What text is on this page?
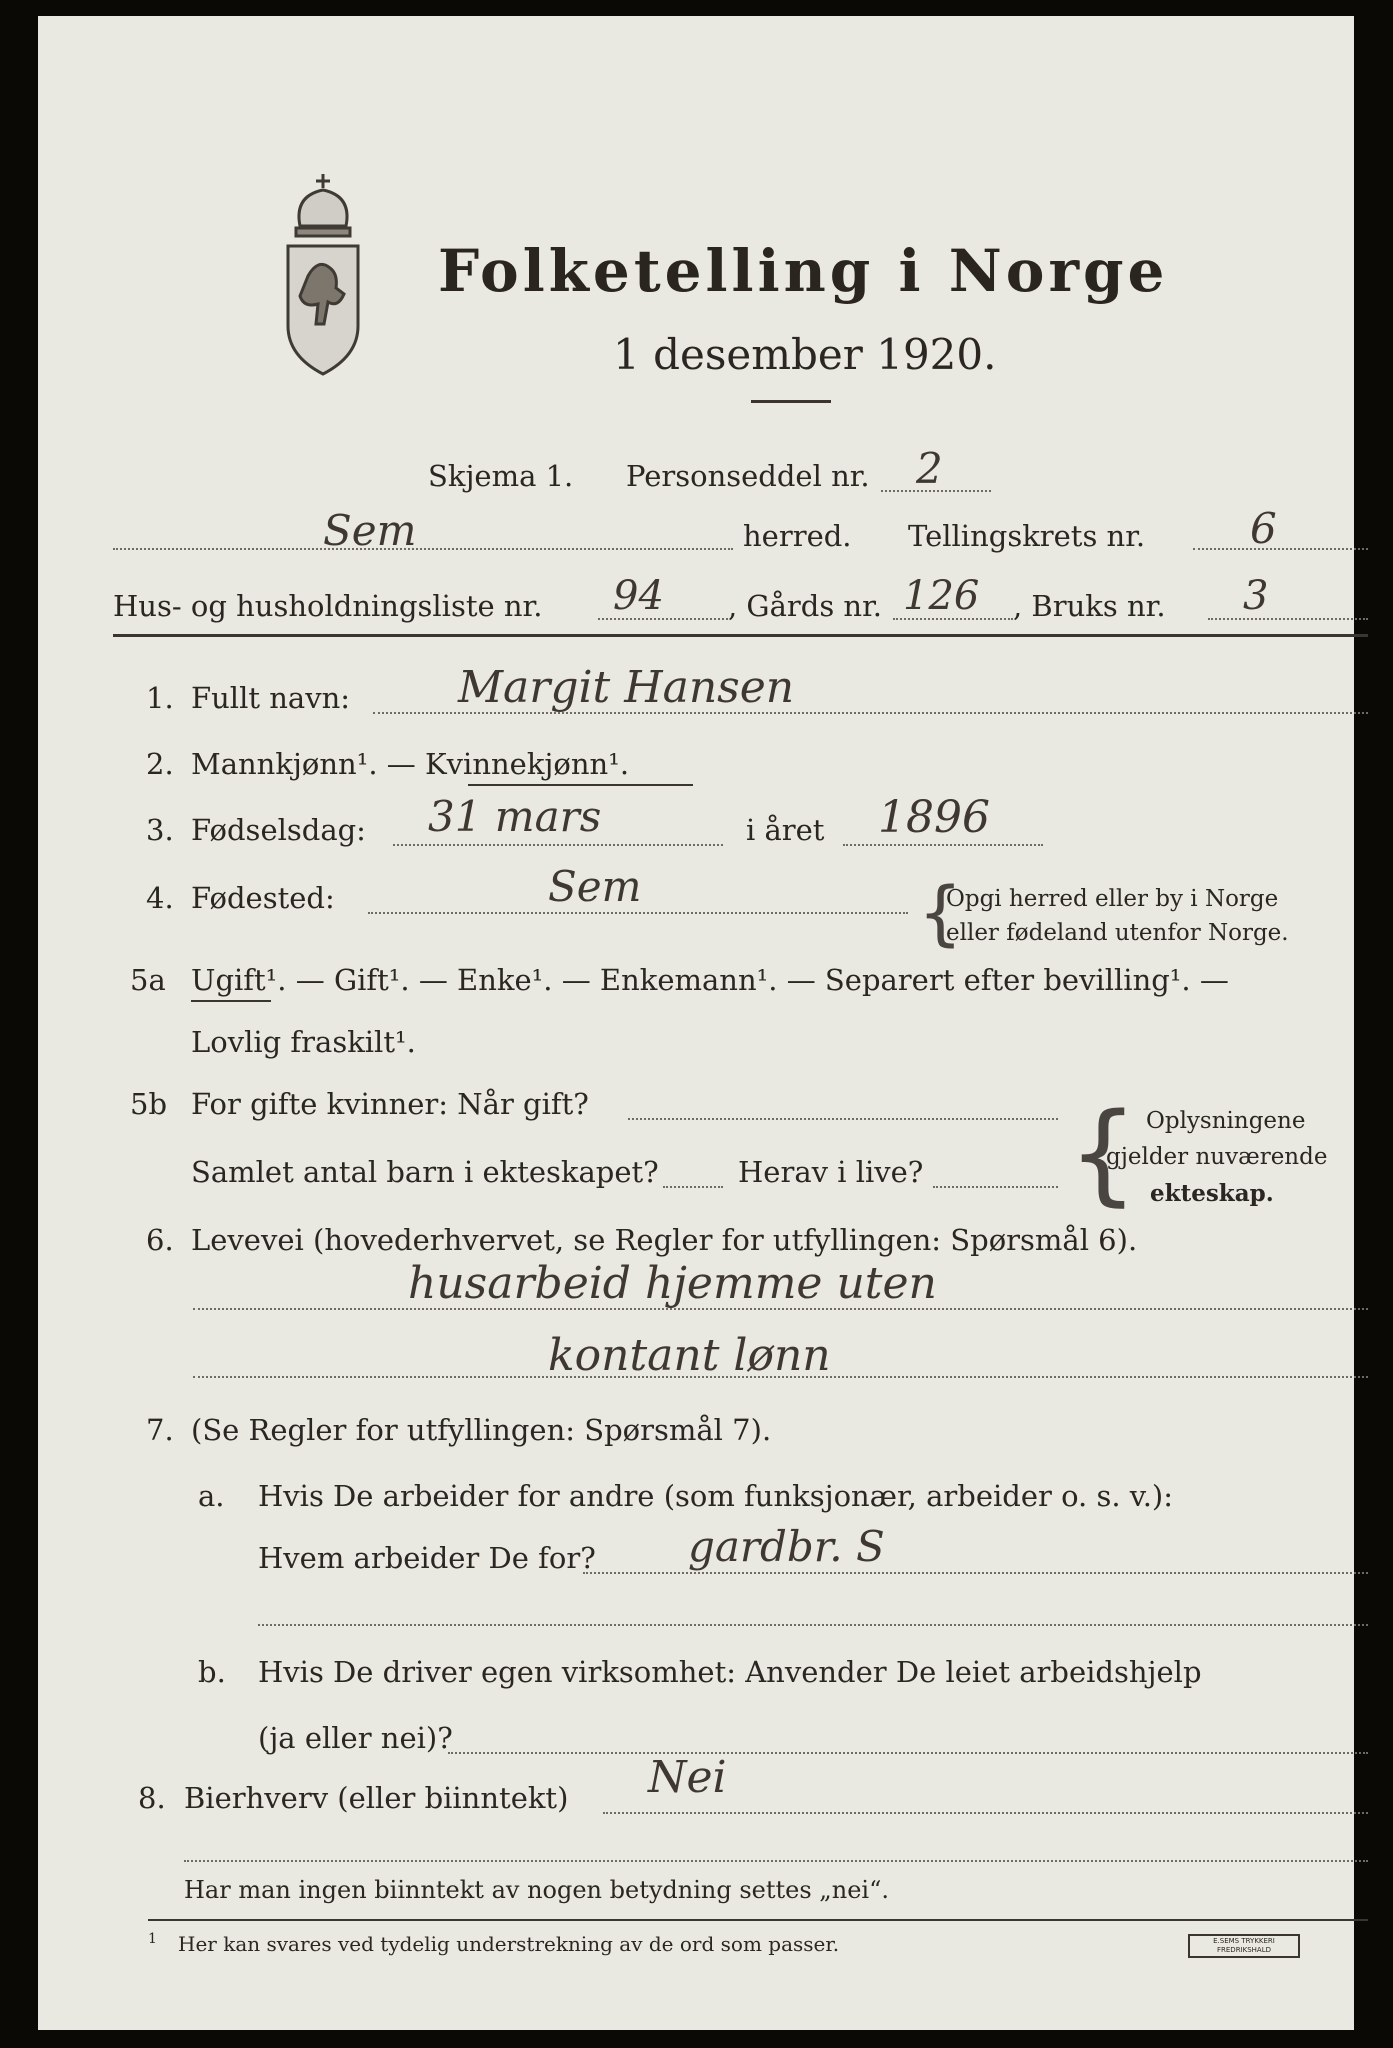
Folketelling i Norge
1 desember 1920.
Skjema 1. Personseddel nr. 2
Sem	herred. Tellingskrets nr. 6
Hus- og husholdningsliste nr. 94 , Gårds nr. 126 , Bruks nr. 3
1. Fullt navn: Margit Hansen
2. Mannkjønn¹. — Kvinnekjønn¹.
3. Fødselsdag: 31 mars	i året 1896
4. Fødested:	Sem	{
Opgi herred eller by i Norge
eller fødeland utenfor Norge.
5a Ugift¹. — Gift¹. — Enke¹. — Enkemann¹. — Separert efter bevilling¹. —
Lovlig fraskilt¹.
5b For gifte kvinner: Når gift?
Samlet antal barn i ekteskapet?	Herav i live? { Oplysningene
gjelder nuværende
ekteskap.
6. Levevei (hovederhvervet, se Regler for utfyllingen: Spørsmål 6).
husarbeid hjemme uten
kontant lønn
7. (Se Regler for utfyllingen: Spørsmål 7).
a. Hvis De arbeider for andre (som funksjonær, arbeider o. s. v.):
Hvem arbeider De for? gardbr. S
b. Hvis De driver egen virksomhet: Anvender De leiet arbeidshjelp
(ja eller nei)?
8. Bierhverv (eller biinntekt) Nei
Har man ingen biinntekt av nogen betydning settes „nei“.
1 Her kan svares ved tydelig understrekning av de ord som passer.	E.SEMS TRYKKERI
FREDRIKSHALD
